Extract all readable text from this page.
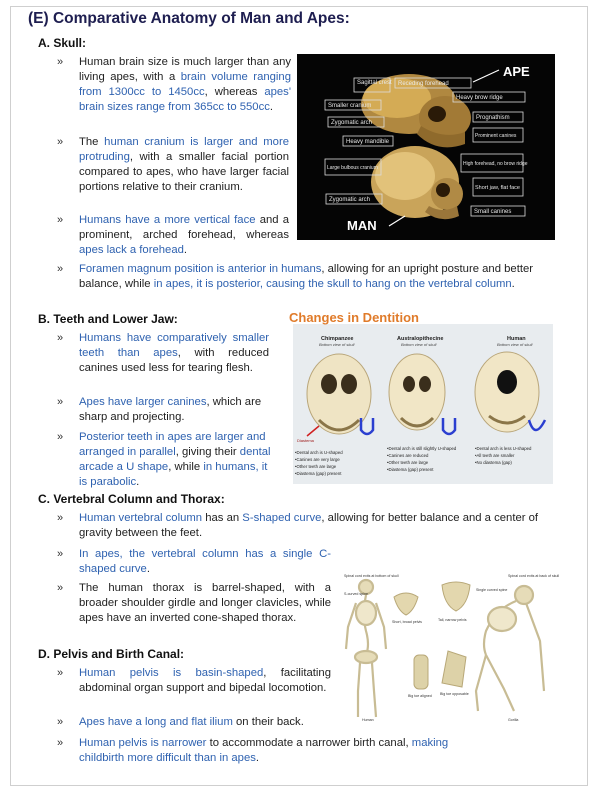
(E) Comparative Anatomy of Man and Apes:
A. Skull:
» Human brain size is much larger than any living apes, with a brain volume ranging from 1300cc to 1450cc, whereas apes' brain sizes range from 365cc to 550cc.
» The human cranium is larger and more protruding, with a smaller facial portion compared to apes, who have larger facial portions relative to their cranium.
» Humans have a more vertical face and a prominent, arched forehead, whereas apes lack a forehead.
» Foramen magnum position is anterior in humans, allowing for an upright posture and better balance, while in apes, it is posterior, causing the skull to hang on the vertebral column.
Sagittal crest Receding forehead
Heavy brow ridge
Smaller cranium
Zygomatic arch
Prognathism
Heavy mandible
Prominent canines
Large bulbous cranium
High forehead, no brow ridge
Short jaw, flat face
Zygomatic arch
Small canines
APE
MAN
B. Teeth and Lower Jaw:
» Humans have comparatively smaller teeth than apes, with reduced canines used less for tearing flesh.
» Apes have larger canines, which are sharp and projecting.
» Posterior teeth in apes are larger and arranged in parallel, giving their dental arcade a U shape, while in humans, it is parabolic.
Changes in Dentition
Chimpanzee	Australopithecine	Human
Bottom view of skull	Bottom view of skull	Bottom view of skull
Diastema
•Dental arch is U-shaped
•Canines are very large
•Other teeth are large
•Diastema (gap) present
•Dental arch is still slightly U-shaped
•Canines are reduced
•Other teeth are large
•Diastema (gap) present
•Dental arch is less U-shaped
•All teeth are smaller
•No diastema (gap)
C. Vertebral Column and Thorax:
» Human vertebral column has an S-shaped curve, allowing for better balance and a center of gravity between the feet.
» In apes, the vertebral column has a single C-shaped curve.
» The human thorax is barrel-shaped, with a broader shoulder girdle and longer clavicles, while apes have an inverted cone-shaped thorax.
D. Pelvis and Birth Canal:
» Human pelvis is basin-shaped, facilitating abdominal organ support and bipedal locomotion.
» Apes have a long and flat ilium on their back.
» Human pelvis is narrower to accommodate a narrower birth canal, making childbirth more difficult than in apes.
Spinal cord exits at bottom of skull
S-curved spine
Short, broad pelvis	Tall, narrow pelvis
Spinal cord exits at back of skull
Single curved spine
Big toe aligned Big toe opposable
Human	Gorilla
